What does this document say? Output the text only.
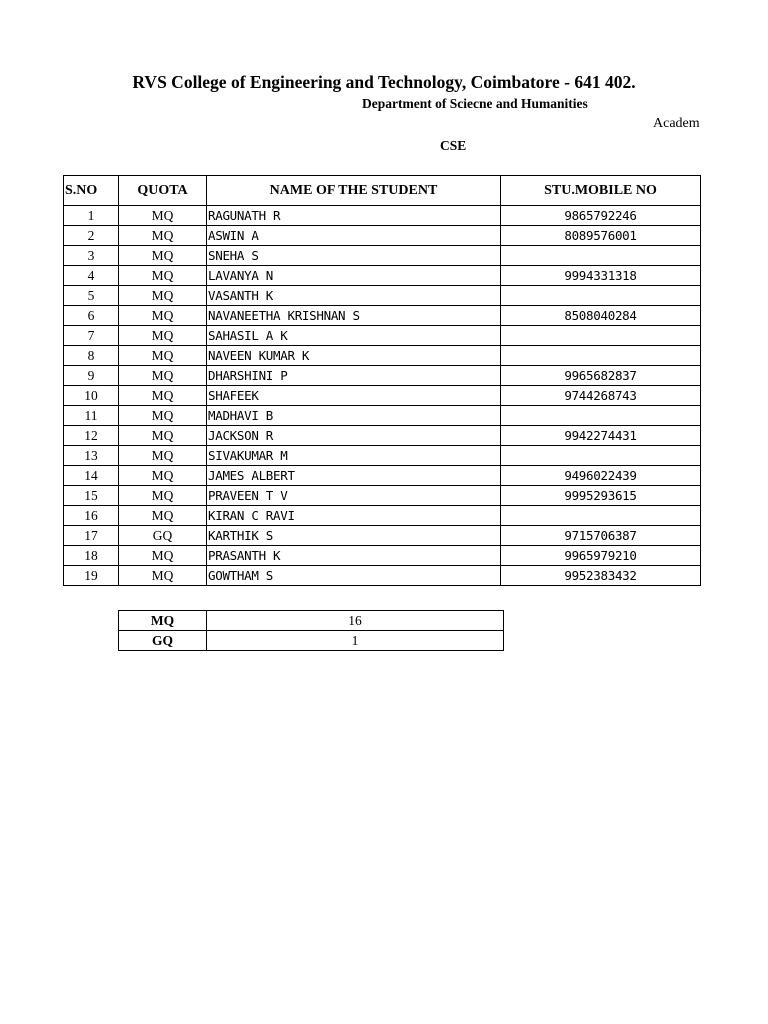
RVS College of Engineering and Technology, Coimbatore - 641 402.
Department of Sciecne and Humanities
Academ
CSE
S.NO	QUOTA	NAME OF THE STUDENT	STU.MOBILE NO
1	MQ	RAGUNATH R	9865792246
2	MQ	ASWIN A	8089576001
3	MQ	SNEHA S	
4	MQ	LAVANYA N	9994331318
5	MQ	VASANTH K	
6	MQ	NAVANEETHA KRISHNAN S	8508040284
7	MQ	SAHASIL A K	
8	MQ	NAVEEN KUMAR K	
9	MQ	DHARSHINI P	9965682837
10	MQ	SHAFEEK	9744268743
11	MQ	MADHAVI B	
12	MQ	JACKSON R	9942274431
13	MQ	SIVAKUMAR M	
14	MQ	JAMES ALBERT	9496022439
15	MQ	PRAVEEN T V	9995293615
16	MQ	KIRAN C RAVI	
17	GQ	KARTHIK S	9715706387
18	MQ	PRASANTH K	9965979210
19	MQ	GOWTHAM S	9952383432
MQ	16
GQ	1
